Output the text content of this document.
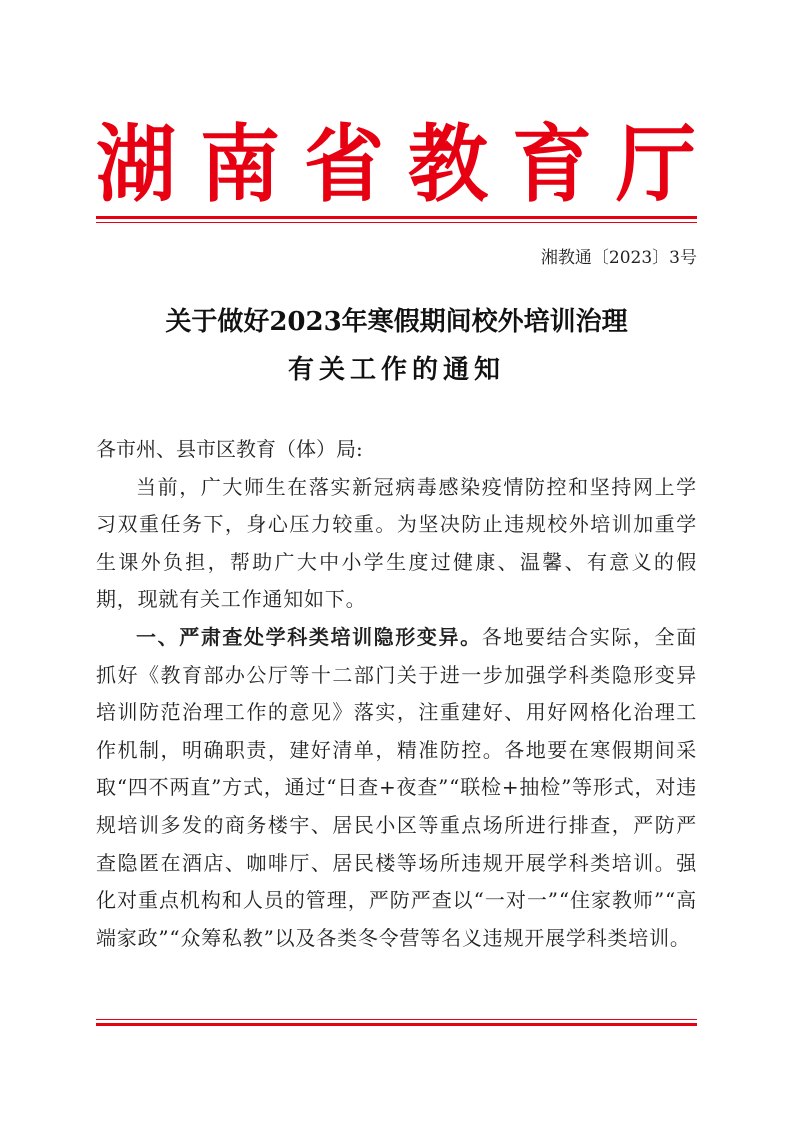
湖 南 省 教 育 厅
湘教通〔2023〕3号
关于做好2023年寒假期间校外培训治理
有关工作的通知

各市州、县市区教育（体）局:

当前，广大师生在落实新冠病毒感染疫情防控和坚持网上学习双重任务下，身心压力较重。为坚决防止违规校外培训加重学生课外负担，帮助广大中小学生度过健康、温馨、有意义的假期，现就有关工作通知如下。

一、严肃查处学科类培训隐形变异。各地要结合实际，全面抓好《教育部办公厅等十二部门关于进一步加强学科类隐形变异培训防范治理工作的意见》落实，注重建好、用好网格化治理工作机制，明确职责，建好清单，精准防控。各地要在寒假期间采取“四不两直”方式，通过“日查+夜查”“联检+抽检”等形式，对违规培训多发的商务楼宇、居民小区等重点场所进行排查，严防严查隐匿在酒店、咖啡厅、居民楼等场所违规开展学科类培训。强化对重点机构和人员的管理，严防严查以“一对一”“住家教师”“高端家政”“众筹私教”以及各类冬令营等名义违规开展学科类培训。
